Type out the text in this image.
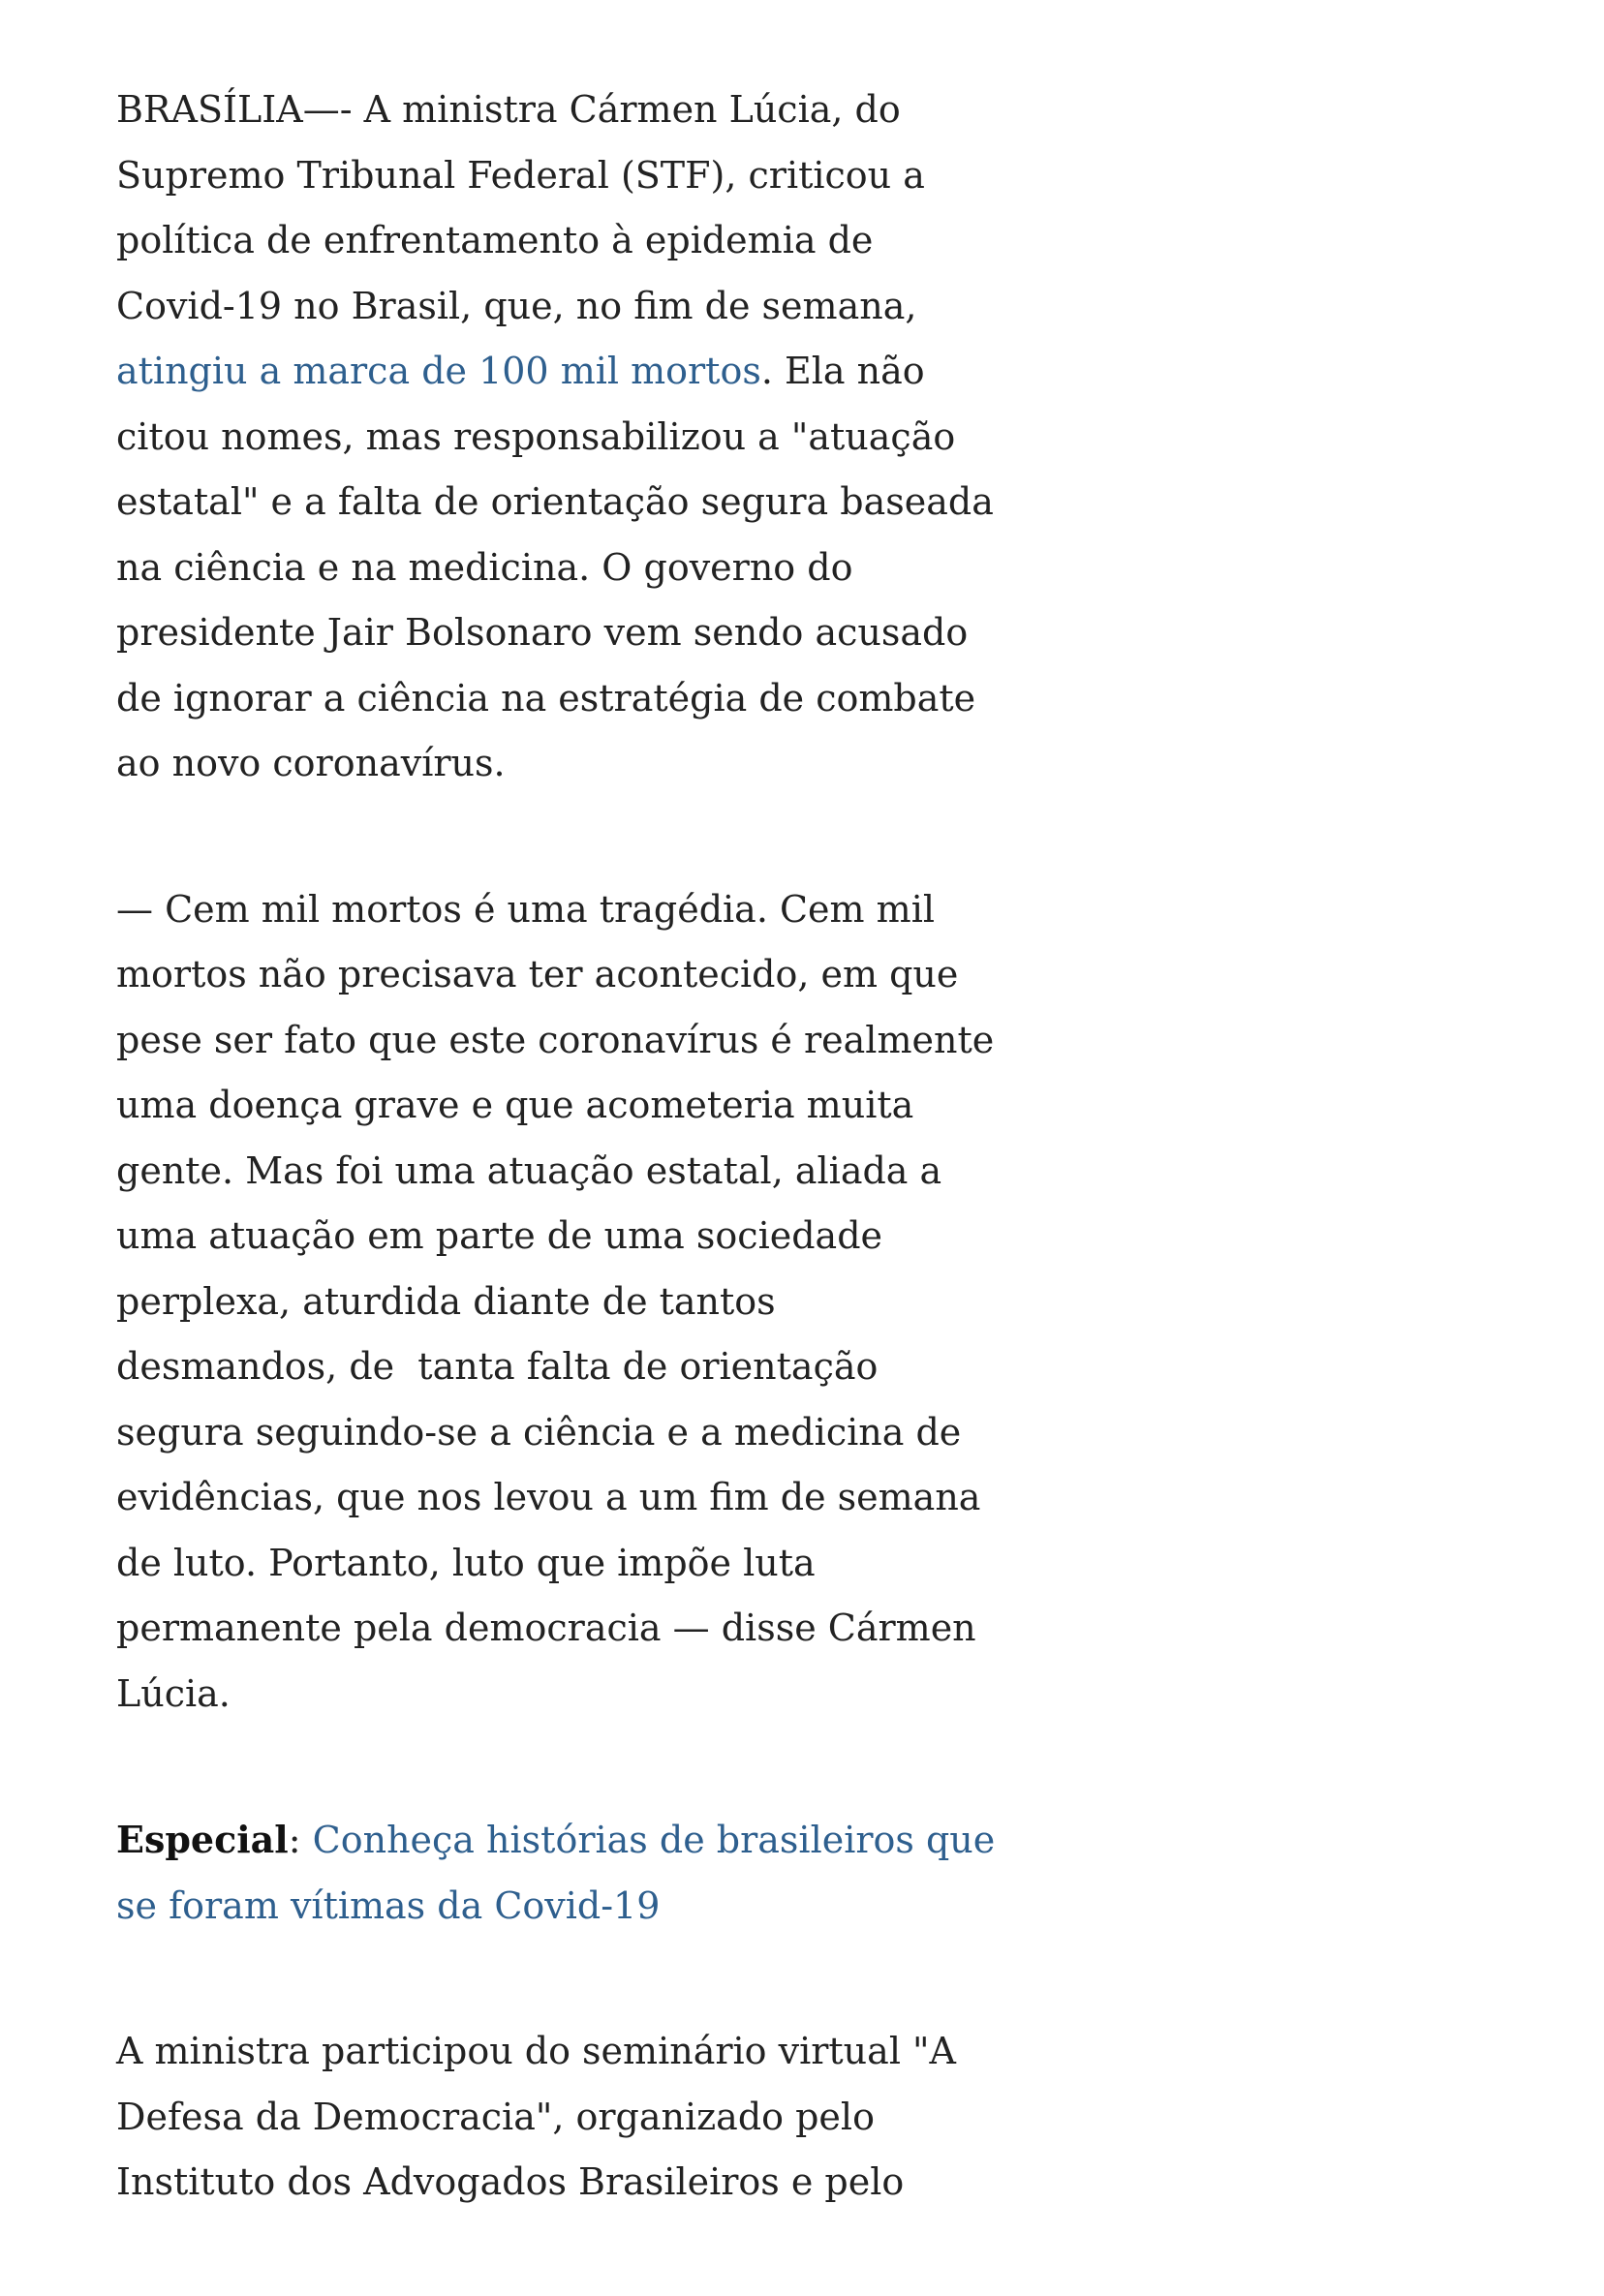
BRASÍLIA—- A ministra Cármen Lúcia, do
Supremo Tribunal Federal (STF), criticou a
política de enfrentamento à epidemia de
Covid-19 no Brasil, que, no fim de semana,
atingiu a marca de 100 mil mortos. Ela não
citou nomes, mas responsabilizou a "atuação
estatal" e a falta de orientação segura baseada
na ciência e na medicina. O governo do
presidente Jair Bolsonaro vem sendo acusado
de ignorar a ciência na estratégia de combate
ao novo coronavírus.

— Cem mil mortos é uma tragédia. Cem mil
mortos não precisava ter acontecido, em que
pese ser fato que este coronavírus é realmente
uma doença grave e que acometeria muita
gente. Mas foi uma atuação estatal, aliada a
uma atuação em parte de uma sociedade
perplexa, aturdida diante de tantos
desmandos, de  tanta falta de orientação
segura seguindo-se a ciência e a medicina de
evidências, que nos levou a um fim de semana
de luto. Portanto, luto que impõe luta
permanente pela democracia — disse Cármen
Lúcia.

Especial: Conheça histórias de brasileiros que
se foram vítimas da Covid-19

A ministra participou do seminário virtual "A
Defesa da Democracia", organizado pelo
Instituto dos Advogados Brasileiros e pelo
